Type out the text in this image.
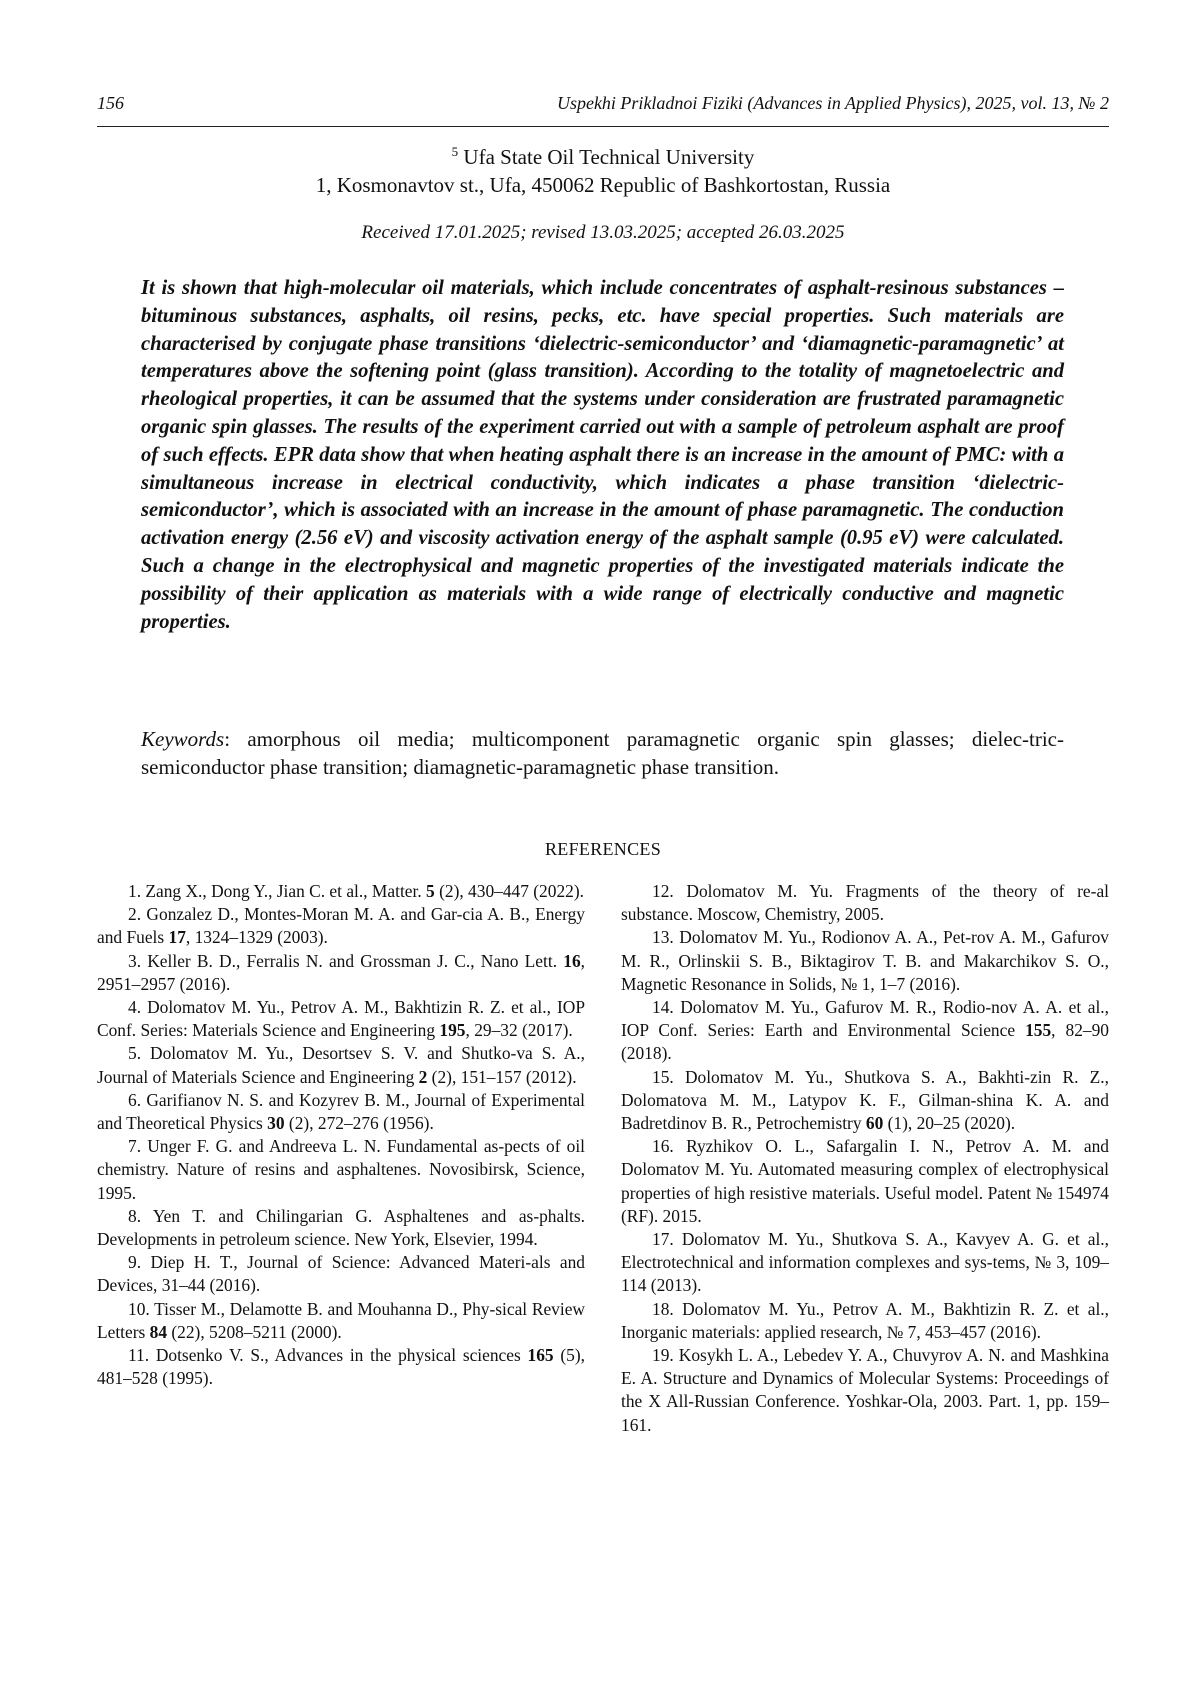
156	Uspekhi Prikladnoi Fiziki (Advances in Applied Physics), 2025, vol. 13, № 2
$^5$ Ufa State Oil Technical University
1, Kosmonavtov st., Ufa, 450062 Republic of Bashkortostan, Russia
Received 17.01.2025; revised 13.03.2025; accepted 26.03.2025

It is shown that high-molecular oil materials, which include concentrates of asphalt-resinous substances – bituminous substances, asphalts, oil resins, pecks, etc. have special properties. Such materials are characterised by conjugate phase transitions ‘dielectric-semiconductor’ and ‘diamagnetic-paramagnetic’ at temperatures above the softening point (glass transition). According to the totality of magnetoelectric and rheological properties, it can be assumed that the systems under consideration are frustrated paramagnetic organic spin glasses. The results of the experiment carried out with a sample of petroleum asphalt are proof of such effects. EPR data show that when heating asphalt there is an increase in the amount of PMC: with a simultaneous increase in electrical conductivity, which indicates a phase transition ‘dielectric-semiconductor’, which is associated with an increase in the amount of phase paramagnetic. The conduction activation energy (2.56 eV) and viscosity activation energy of the asphalt sample (0.95 eV) were calculated. Such a change in the electrophysical and magnetic properties of the investigated materials indicate the possibility of their application as materials with a wide range of electrically conductive and magnetic properties.

Keywords: amorphous oil media; multicomponent paramagnetic organic spin glasses; dielec-tric-semiconductor phase transition; diamagnetic-paramagnetic phase transition.

REFERENCES

1. Zang X., Dong Y., Jian C. et al., Matter. 5 (2), 430–447 (2022).

2. Gonzalez D., Montes-Moran M. A. and Gar-cia A. B., Energy and Fuels 17, 1324–1329 (2003).

3. Keller B. D., Ferralis N. and Grossman J. C., Nano Lett. 16, 2951–2957 (2016).

4. Dolomatov M. Yu., Petrov A. M., Bakhtizin R. Z. et al., IOP Conf. Series: Materials Science and Engineering 195, 29–32 (2017).

5. Dolomatov M. Yu., Desortsev S. V. and Shutko-va S. A., Journal of Materials Science and Engineering 2 (2), 151–157 (2012).

6. Garifianov N. S. and Kozyrev B. M., Journal of Experimental and Theoretical Physics 30 (2), 272–276 (1956).

7. Unger F. G. and Andreeva L. N. Fundamental as-pects of oil chemistry. Nature of resins and asphaltenes. Novosibirsk, Science, 1995.

8. Yen T. and Chilingarian G. Asphaltenes and as-phalts. Developments in petroleum science. New York, Elsevier, 1994.

9. Diep H. T., Journal of Science: Advanced Materi-als and Devices, 31–44 (2016).

10. Tisser M., Delamotte B. and Mouhanna D., Phy-sical Review Letters 84 (22), 5208–5211 (2000).

11. Dotsenko V. S., Advances in the physical sciences 165 (5), 481–528 (1995).

12. Dolomatov M. Yu. Fragments of the theory of re-al substance. Moscow, Chemistry, 2005.

13. Dolomatov M. Yu., Rodionov A. A., Pet-rov A. M., Gafurov M. R., Orlinskii S. B., Biktagirov T. B. and Makarchikov S. O., Magnetic Resonance in Solids, № 1, 1–7 (2016).

14. Dolomatov M. Yu., Gafurov M. R., Rodio-nov A. A. et al., IOP Conf. Series: Earth and Environmental Science 155, 82–90 (2018).

15. Dolomatov M. Yu., Shutkova S. A., Bakhti-zin R. Z., Dolomatova M. M., Latypov K. F., Gilman-shina K. A. and Badretdinov B. R., Petrochemistry 60 (1), 20–25 (2020).

16. Ryzhikov O. L., Safargalin I. N., Petrov A. M. and Dolomatov M. Yu. Automated measuring complex of electrophysical properties of high resistive materials. Useful model. Patent № 154974 (RF). 2015.

17. Dolomatov M. Yu., Shutkova S. A., Kavyev A. G. et al., Electrotechnical and information complexes and sys-tems, № 3, 109–114 (2013).

18. Dolomatov M. Yu., Petrov A. M., Bakhtizin R. Z. et al., Inorganic materials: applied research, № 7, 453–457 (2016).

19. Kosykh L. A., Lebedev Y. A., Chuvyrov A. N. and Mashkina E. A. Structure and Dynamics of Molecular Systems: Proceedings of the X All-Russian Conference. Yoshkar-Ola, 2003. Part. 1, pp. 159–161.
